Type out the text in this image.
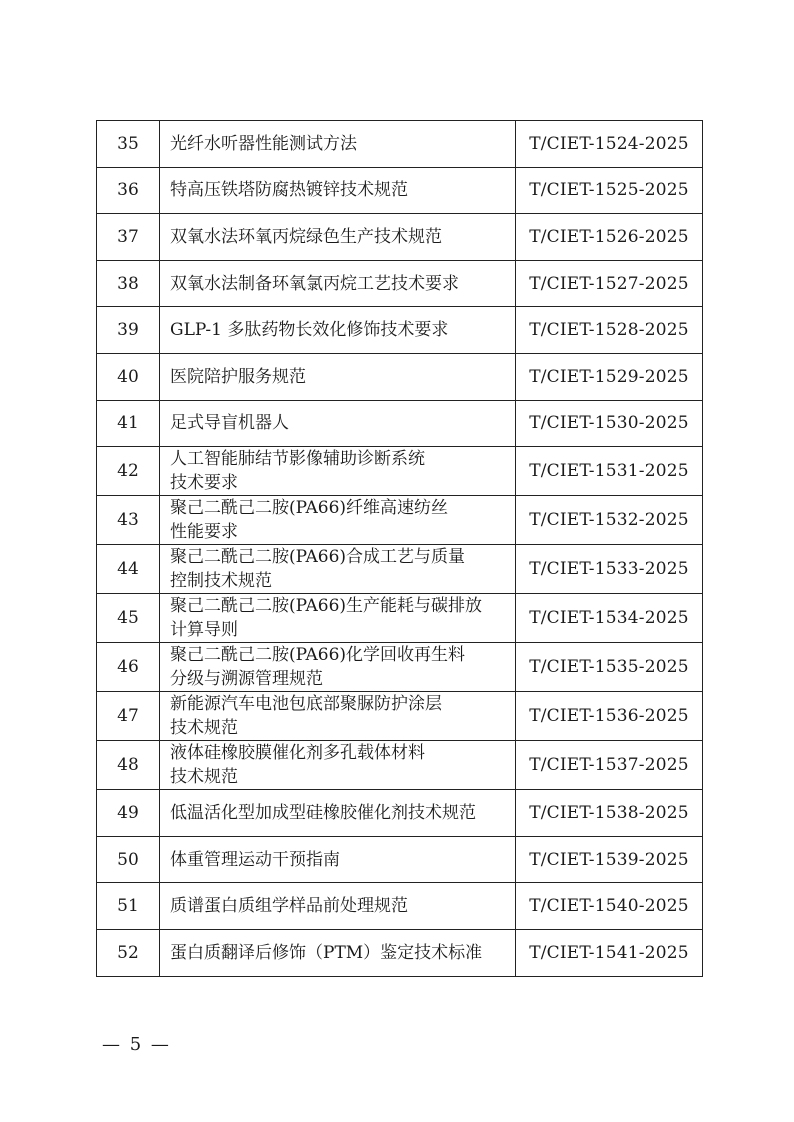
35	光纤水听器性能测试方法	T/CIET-1524-2025
36	特高压铁塔防腐热镀锌技术规范	T/CIET-1525-2025
37	双氧水法环氧丙烷绿色生产技术规范	T/CIET-1526-2025
38	双氧水法制备环氧氯丙烷工艺技术要求	T/CIET-1527-2025
39	GLP-1 多肽药物长效化修饰技术要求	T/CIET-1528-2025
40	医院陪护服务规范	T/CIET-1529-2025
41	足式导盲机器人	T/CIET-1530-2025
42	人工智能肺结节影像辅助诊断系统
技术要求	T/CIET-1531-2025
43	聚己二酰己二胺(PA66)纤维高速纺丝
性能要求	T/CIET-1532-2025
44	聚己二酰己二胺(PA66)合成工艺与质量
控制技术规范	T/CIET-1533-2025
45	聚己二酰己二胺(PA66)生产能耗与碳排放
计算导则	T/CIET-1534-2025
46	聚己二酰己二胺(PA66)化学回收再生料
分级与溯源管理规范	T/CIET-1535-2025
47	新能源汽车电池包底部聚脲防护涂层
技术规范	T/CIET-1536-2025
48	液体硅橡胶膜催化剂多孔载体材料
技术规范	T/CIET-1537-2025
49	低温活化型加成型硅橡胶催化剂技术规范	T/CIET-1538-2025
50	体重管理运动干预指南	T/CIET-1539-2025
51	质谱蛋白质组学样品前处理规范	T/CIET-1540-2025
52	蛋白质翻译后修饰（PTM）鉴定技术标准	T/CIET-1541-2025
— 5 —
